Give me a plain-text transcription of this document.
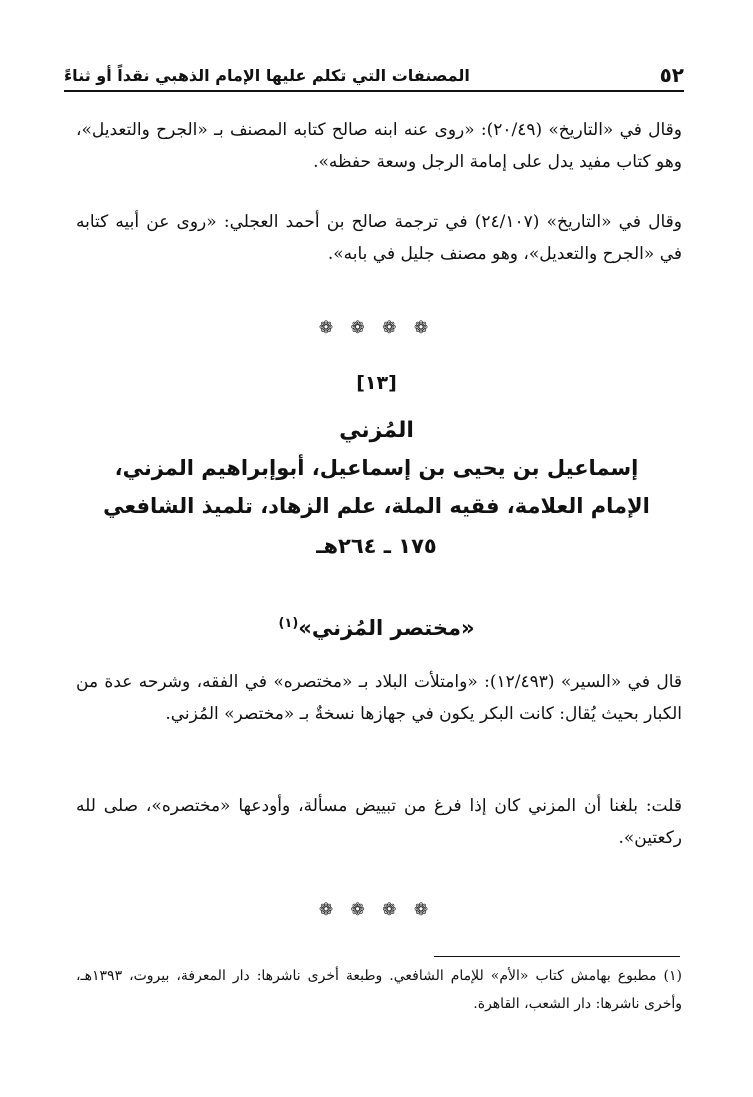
٥٢
المصنفات التي تكلم عليها الإمام الذهبي نقداً أو ثناءً

وقال في «التاريخ» (٢٠/٤٩): «روى عنه ابنه صالح كتابه المصنف بـ «الجرح والتعديل»، وهو كتاب مفيد يدل على إمامة الرجل وسعة حفظه».

وقال في «التاريخ» (٢٤/١٠٧) في ترجمة صالح بن أحمد العجلي: «روى عن أبيه كتابه في «الجرح والتعديل»، وهو مصنف جليل في بابه».

❁ ❁ ❁ ❁
[١٣]
المُزني
إسماعيل بن يحيى بن إسماعيل، أبوإبراهيم المزني،
الإمام العلامة، فقيه الملة، علم الزهاد، تلميذ الشافعي
١٧٥ ـ ٢٦٤هـ
«مختصر المُزني»$^{(١)}$

قال في «السير» (١٢/٤٩٣): «وامتلأت البلاد بـ «مختصره» في الفقه، وشرحه عدة من الكبار بحيث يُقال: كانت البكر يكون في جهازها نسخةٌ بـ «مختصر» المُزني.

قلت: بلغنا أن المزني كان إذا فرغ من تبييض مسألة، وأودعها «مختصره»، صلى لله ركعتين».

❁ ❁ ❁ ❁

(١) مطبوع بهامش كتاب «الأم» للإمام الشافعي. وطبعة أخرى ناشرها: دار المعرفة، بيروت، ١٣٩٣هـ، وأخرى ناشرها: دار الشعب، القاهرة.
